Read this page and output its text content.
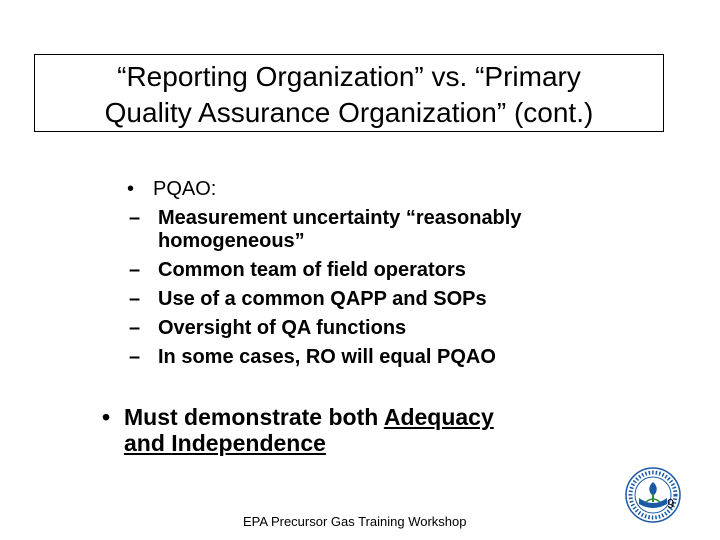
“Reporting Organization” vs. “Primary
Quality Assurance Organization” (cont.)
• PQAO:
– Measurement uncertainty “reasonably
homogeneous”
– Common team of field operators
– Use of a common QAPP and SOPs
– Oversight of QA functions
– In some cases, RO will equal PQAO
• Must demonstrate both Adequacy
and Independence
9
EPA Precursor Gas Training Workshop
